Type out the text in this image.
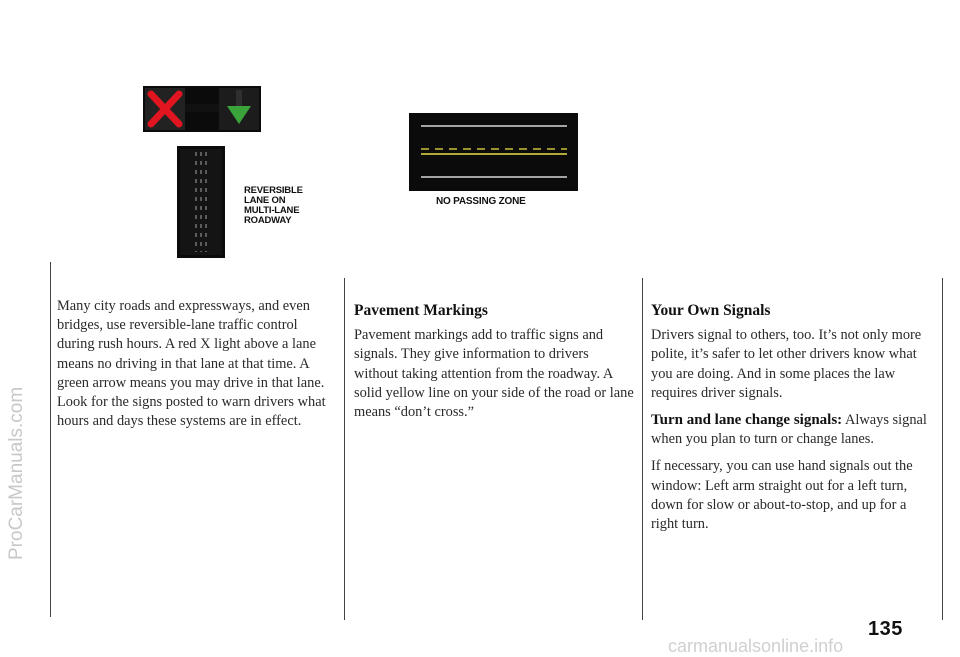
ProCarManuals.com
REVERSIBLE LANE ON MULTI-LANE ROADWAY
NO PASSING ZONE

Many city roads and expressways, and even bridges, use reversible-lane traffic control during rush hours. A red X light above a lane means no driving in that lane at that time. A green arrow means you may drive in that lane. Look for the signs posted to warn drivers what hours and days these systems are in effect.

Pavement Markings

Pavement markings add to traffic signs and signals. They give information to drivers without taking attention from the roadway. A solid yellow line on your side of the road or lane means “don’t cross.”

Your Own Signals

Drivers signal to others, too. It’s not only more polite, it’s safer to let other drivers know what you are doing. And in some places the law requires driver signals.

Turn and lane change signals: Always signal when you plan to turn or change lanes.

If necessary, you can use hand signals out the window: Left arm straight out for a left turn, down for slow or about-to-stop, and up for a right turn.

135
carmanualsonline.info
